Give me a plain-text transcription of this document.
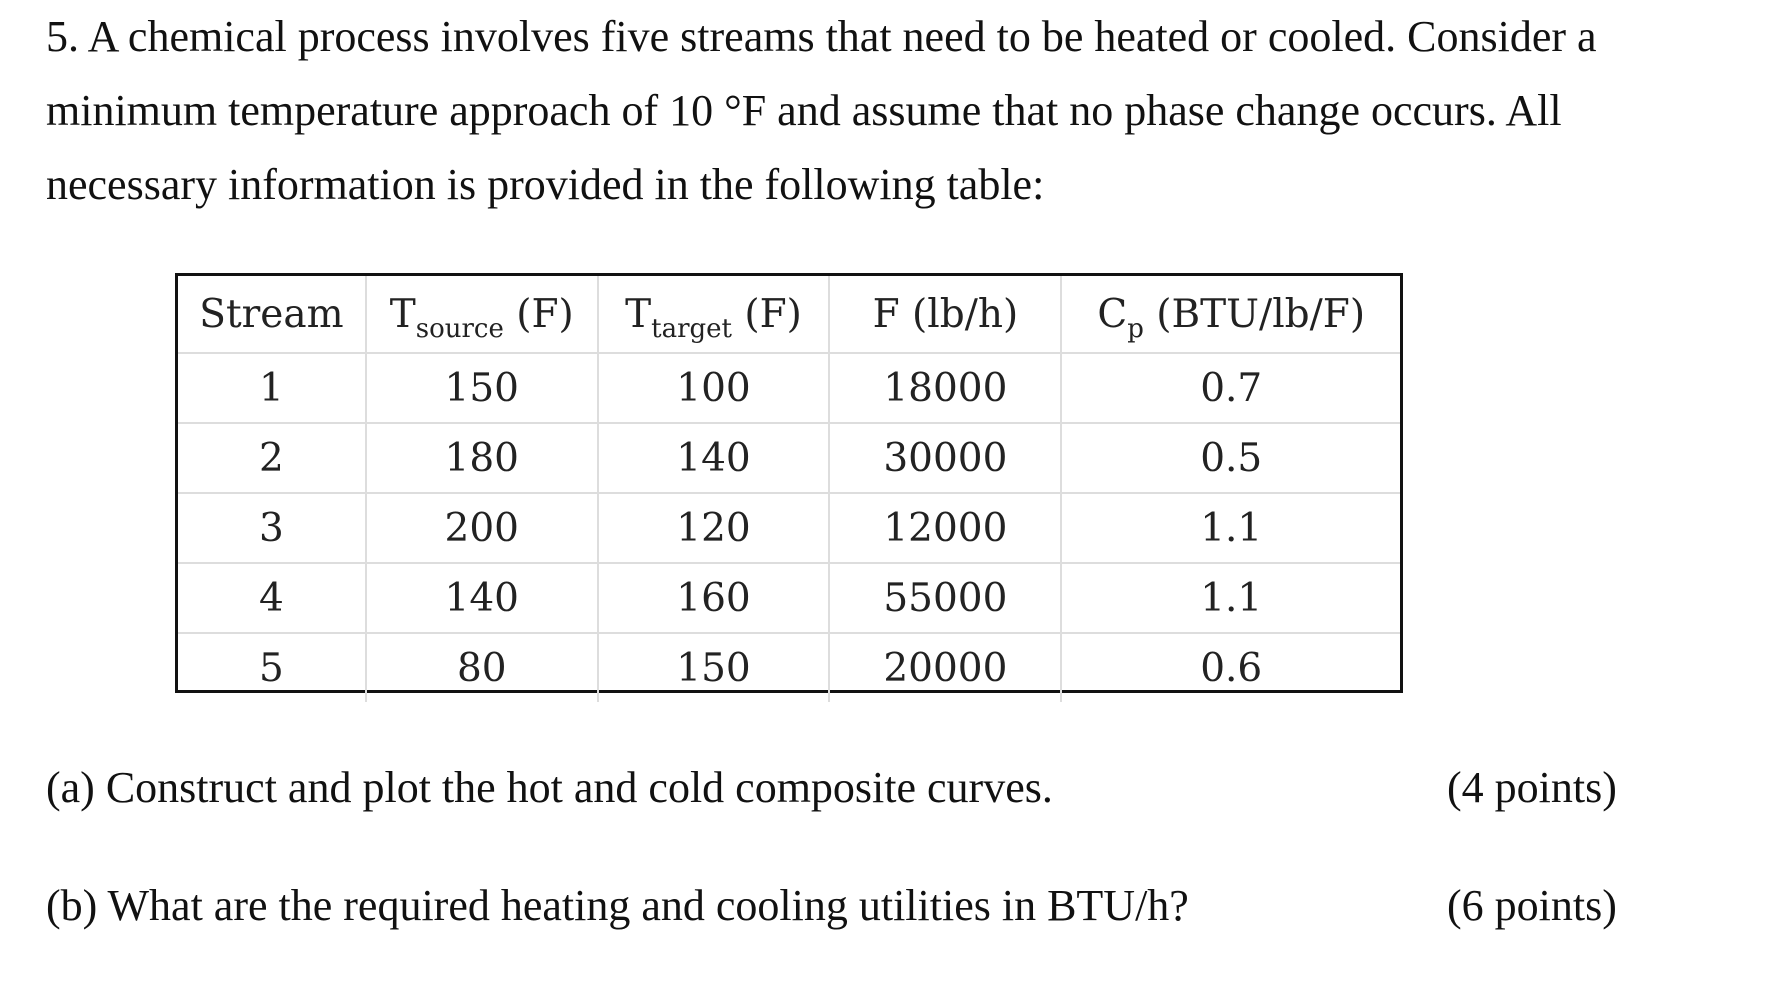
5. A chemical process involves five streams that need to be heated or cooled. Consider a
minimum temperature approach of 10 °F and assume that no phase change occurs. All
necessary information is provided in the following table:
Stream	$T_{source}$ (F)	$T_{target}$ (F)	F (lb/h)	$C_p$ (BTU/lb/F)
1	150	100	18000	0.7
2	180	140	30000	0.5
3	200	120	12000	1.1
4	140	160	55000	1.1
5	80	150	20000	0.6
(a) Construct and plot the hot and cold composite curves.	(4 points)
(b) What are the required heating and cooling utilities in BTU/h?	(6 points)
